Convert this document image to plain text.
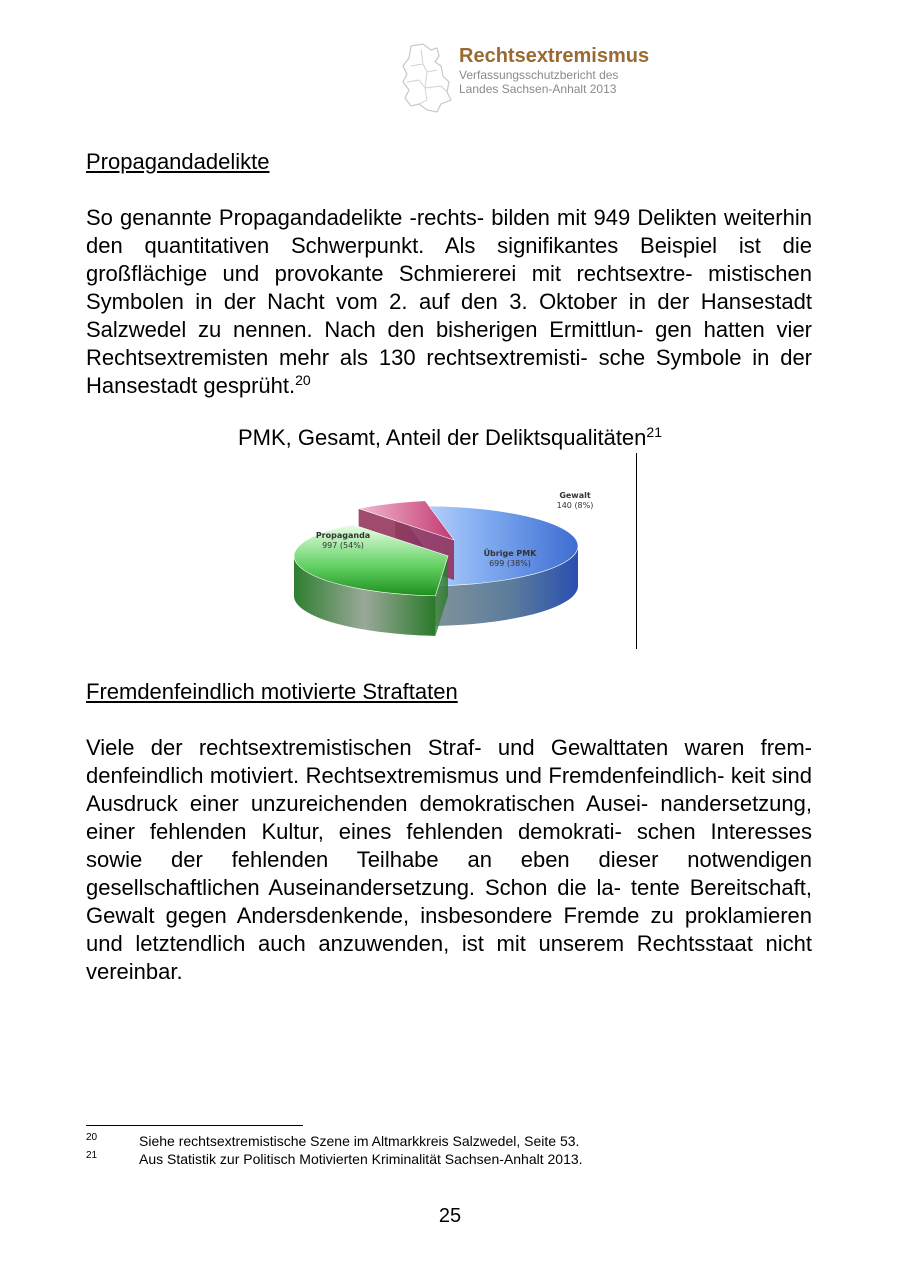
Rechtsextremismus
Verfassungsschutzbericht des
Landes Sachsen-Anhalt 2013
Propagandadelikte

So genannte Propagandadelikte -rechts- bilden mit 949 Delikten weiterhin den quantitativen Schwerpunkt. Als signifikantes Beispiel ist die großflächige und provokante Schmiererei mit rechtsextre- mistischen Symbolen in der Nacht vom 2. auf den 3. Oktober in der Hansestadt Salzwedel zu nennen. Nach den bisherigen Ermittlun- gen hatten vier Rechtsextremisten mehr als 130 rechtsextremisti- sche Symbole in der Hansestadt gesprüht.$^{20}$

PMK, Gesamt, Anteil der Deliktsqualitäten$^{21}$
Propaganda
997 (54%)
Gewalt
140 (8%)
Übrige PMK
699 (38%)
Fremdenfeindlich motivierte Straftaten

Viele der rechtsextremistischen Straf- und Gewalttaten waren frem- denfeindlich motiviert. Rechtsextremismus und Fremdenfeindlich- keit sind Ausdruck einer unzureichenden demokratischen Ausei- nandersetzung, einer fehlenden Kultur, eines fehlenden demokrati- schen Interesses sowie der fehlenden Teilhabe an eben dieser notwendigen gesellschaftlichen Auseinandersetzung. Schon die la- tente Bereitschaft, Gewalt gegen Andersdenkende, insbesondere Fremde zu proklamieren und letztendlich auch anzuwenden, ist mit unserem Rechtsstaat nicht vereinbar.

20	Siehe rechtsextremistische Szene im Altmarkkreis Salzwedel, Seite 53.
21	Aus Statistik zur Politisch Motivierten Kriminalität Sachsen-Anhalt 2013.
25
